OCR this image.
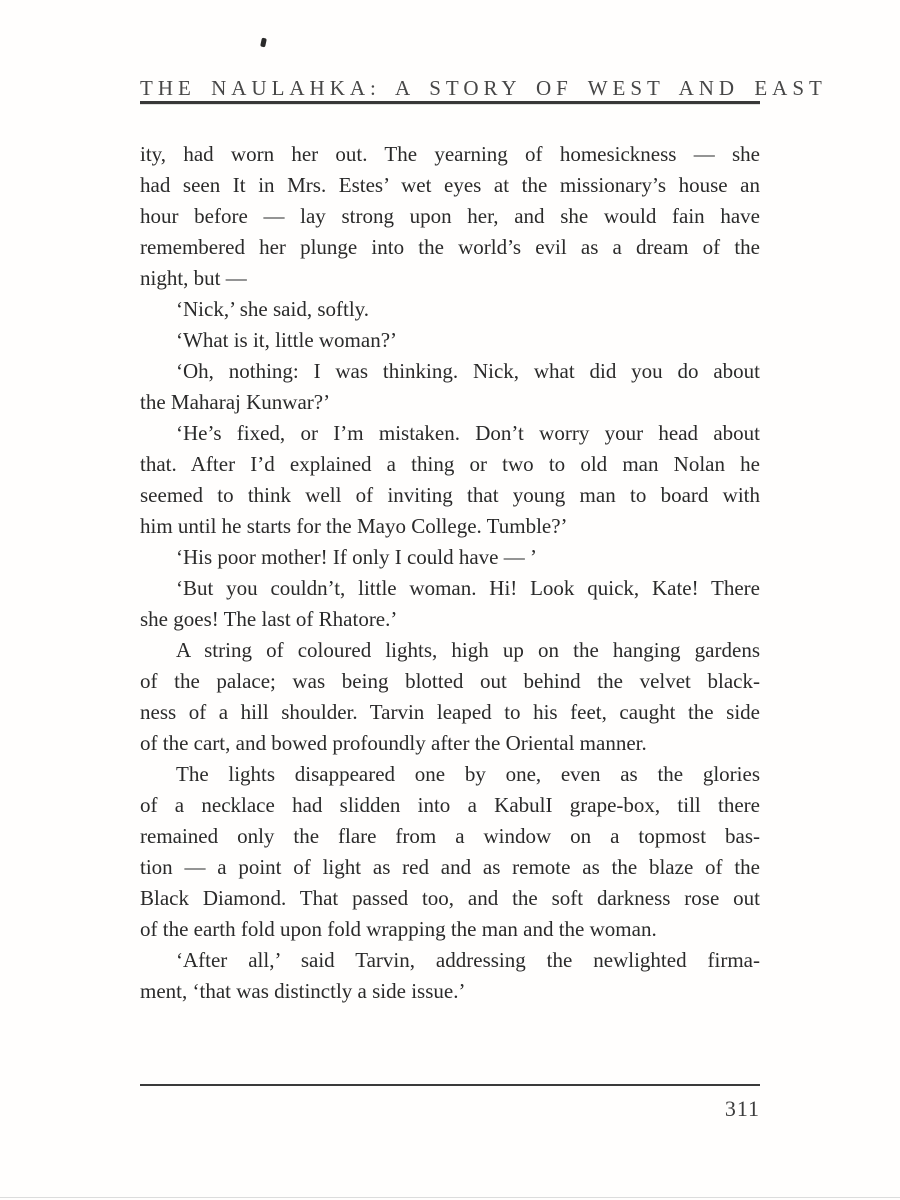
THE NAULAHKA: A STORY OF WEST AND EAST

ity, had worn her out. The yearning of homesickness — she
had seen It in Mrs. Estes’ wet eyes at the missionary’s house an
hour before — lay strong upon her, and she would fain have
remembered her plunge into the world’s evil as a dream of the
night, but —

‘Nick,’ she said, softly.

‘What is it, little woman?’

‘Oh, nothing: I was thinking. Nick, what did you do about
the Maharaj Kunwar?’

‘He’s fixed, or I’m mistaken. Don’t worry your head about
that. After I’d explained a thing or two to old man Nolan he
seemed to think well of inviting that young man to board with
him until he starts for the Mayo College. Tumble?’

‘His poor mother! If only I could have — ’

‘But you couldn’t, little woman. Hi! Look quick, Kate! There
she goes! The last of Rhatore.’

A string of coloured lights, high up on the hanging gardens
of the palace; was being blotted out behind the velvet black-
ness of a hill shoulder. Tarvin leaped to his feet, caught the side
of the cart, and bowed profoundly after the Oriental manner.

The lights disappeared one by one, even as the glories
of a necklace had slidden into a KabulI grape-box, till there
remained only the flare from a window on a topmost bas-
tion — a point of light as red and as remote as the blaze of the
Black Diamond. That passed too, and the soft darkness rose out
of the earth fold upon fold wrapping the man and the woman.

‘After all,’ said Tarvin, addressing the newlighted firma-
ment, ‘that was distinctly a side issue.’

311
